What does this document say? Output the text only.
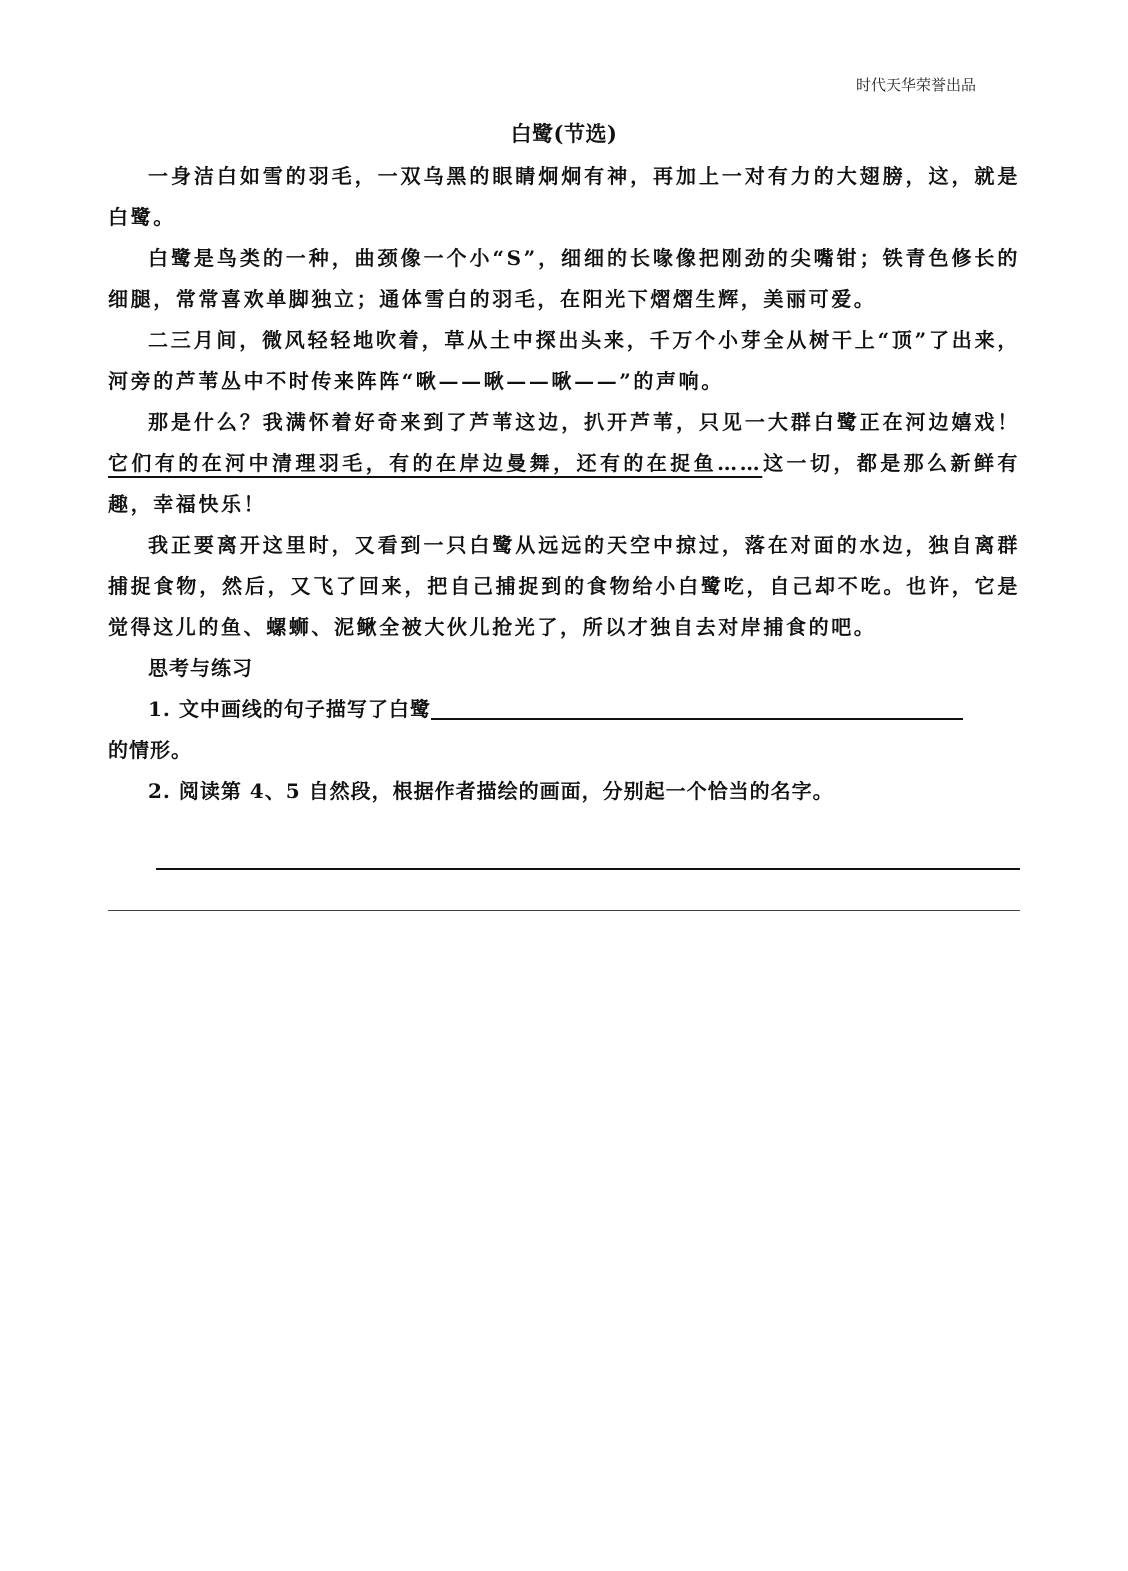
时代天华荣誉出品
白鹭(节选)

一身洁白如雪的羽毛，一双乌黑的眼睛炯炯有神，再加上一对有力的大翅膀，这，就是白鹭。

白鹭是鸟类的一种，曲颈像一个小“S”，细细的长喙像把刚劲的尖嘴钳；铁青色修长的细腿，常常喜欢单脚独立；通体雪白的羽毛，在阳光下熠熠生辉，美丽可爱。

二三月间，微风轻轻地吹着，草从土中探出头来，千万个小芽全从树干上“顶”了出来，河旁的芦苇丛中不时传来阵阵“啾——啾——啾——”的声响。

那是什么？我满怀着好奇来到了芦苇这边，扒开芦苇，只见一大群白鹭正在河边嬉戏！它们有的在河中清理羽毛，有的在岸边曼舞，还有的在捉鱼……这一切，都是那么新鲜有趣，幸福快乐！

我正要离开这里时，又看到一只白鹭从远远的天空中掠过，落在对面的水边，独自离群捕捉食物，然后，又飞了回来，把自己捕捉到的食物给小白鹭吃，自己却不吃。也许，它是觉得这儿的鱼、螺蛳、泥鳅全被大伙儿抢光了，所以才独自去对岸捕食的吧。

思考与练习

1. 文中画线的句子描写了白鹭

的情形。

2. 阅读第 4、5 自然段，根据作者描绘的画面，分别起一个恰当的名字。
